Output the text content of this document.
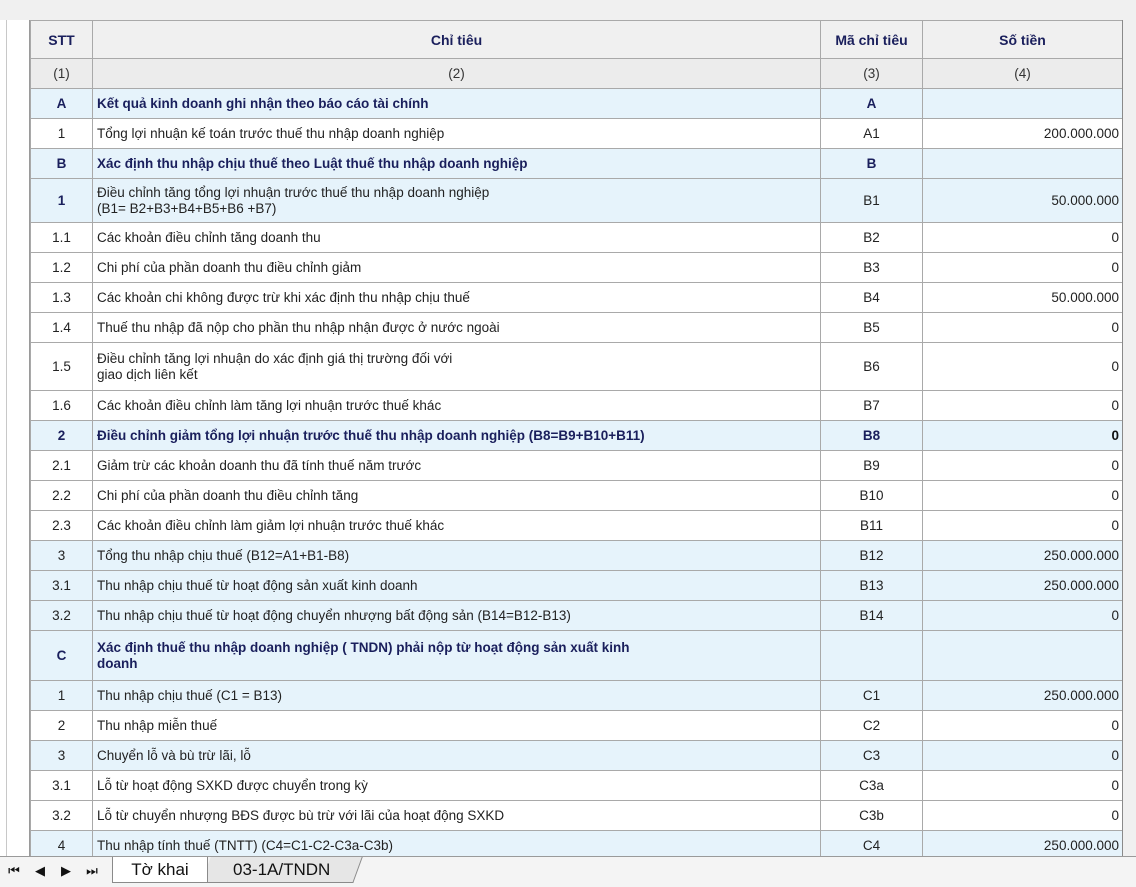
STT	Chỉ tiêu	Mã chỉ tiêu	Số tiền
(1)	(2)	(3)	(4)
A	Kết quả kinh doanh ghi nhận theo báo cáo tài chính	A	
1	Tổng lợi nhuận kế toán trước thuế thu nhập doanh nghiệp	A1	200.000.000
B	Xác định thu nhập chịu thuế theo Luật thuế thu nhập doanh nghiệp	B	
1	Điều chỉnh tăng tổng lợi nhuận trước thuế thu nhập doanh nghiệp
(B1= B2+B3+B4+B5+B6 +B7)	B1	50.000.000
1.1	Các khoản điều chỉnh tăng doanh thu	B2	0
1.2	Chi phí của phần doanh thu điều chỉnh giảm	B3	0
1.3	Các khoản chi không được trừ khi xác định thu nhập chịu thuế	B4	50.000.000
1.4	Thuế thu nhập đã nộp cho phần thu nhập nhận được ở nước ngoài	B5	0
1.5	Điều chỉnh tăng lợi nhuận do xác định giá thị trường đối với
giao dịch liên kết	B6	0
1.6	Các khoản điều chỉnh làm tăng lợi nhuận trước thuế khác	B7	0
2	Điều chỉnh giảm tổng lợi nhuận trước thuế thu nhập doanh nghiệp (B8=B9+B10+B11)	B8	0
2.1	Giảm trừ các khoản doanh thu đã tính thuế năm trước	B9	0
2.2	Chi phí của phần doanh thu điều chỉnh tăng	B10	0
2.3	Các khoản điều chỉnh làm giảm lợi nhuận trước thuế khác	B11	0
3	Tổng thu nhập chịu thuế (B12=A1+B1-B8)	B12	250.000.000
3.1	Thu nhập chịu thuế từ hoạt động sản xuất kinh doanh	B13	250.000.000
3.2	Thu nhập chịu thuế từ hoạt động chuyển nhượng bất động sản (B14=B12-B13)	B14	0
C	Xác định thuế thu nhập doanh nghiệp ( TNDN) phải nộp từ hoạt động sản xuất kinh
doanh		
1	Thu nhập chịu thuế (C1 = B13)	C1	250.000.000
2	Thu nhập miễn thuế	C2	0
3	Chuyển lỗ và bù trừ lãi, lỗ	C3	0
3.1	Lỗ từ hoạt động SXKD được chuyển trong kỳ	C3a	0
3.2	Lỗ từ chuyển nhượng BĐS được bù trừ với lãi của hoạt động SXKD	C3b	0
4	Thu nhập tính thuế (TNTT) (C4=C1-C2-C3a-C3b)	C4	250.000.000
⏮	◀	▶	⏭	03-1A/TNDN
Tờ khai
